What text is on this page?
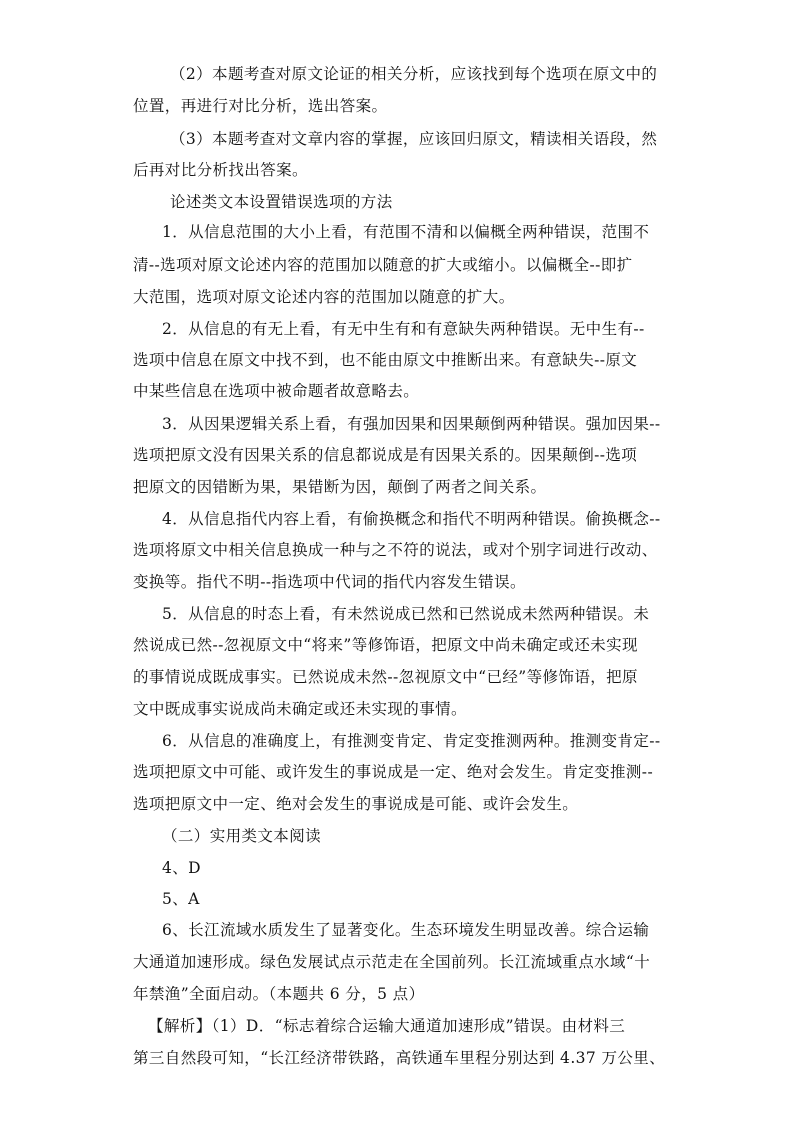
（2）本题考查对原文论证的相关分析，应该找到每个选项在原文中的
位置，再进行对比分析，选出答案。
（3）本题考查对文章内容的掌握，应该回归原文，精读相关语段，然
后再对比分析找出答案。
论述类文本设置错误选项的方法
1．从信息范围的大小上看，有范围不清和以偏概全两种错误，范围不
清--选项对原文论述内容的范围加以随意的扩大或缩小。以偏概全--即扩
大范围，选项对原文论述内容的范围加以随意的扩大。
2．从信息的有无上看，有无中生有和有意缺失两种错误。无中生有--
选项中信息在原文中找不到，也不能由原文中推断出来。有意缺失--原文
中某些信息在选项中被命题者故意略去。
3．从因果逻辑关系上看，有强加因果和因果颠倒两种错误。强加因果--
选项把原文没有因果关系的信息都说成是有因果关系的。因果颠倒--选项
把原文的因错断为果，果错断为因，颠倒了两者之间关系。
4．从信息指代内容上看，有偷换概念和指代不明两种错误。偷换概念--
选项将原文中相关信息换成一种与之不符的说法，或对个别字词进行改动、
变换等。指代不明--指选项中代词的指代内容发生错误。
5．从信息的时态上看，有未然说成已然和已然说成未然两种错误。未
然说成已然--忽视原文中“将来”等修饰语，把原文中尚未确定或还未实现
的事情说成既成事实。已然说成未然--忽视原文中“已经”等修饰语，把原
文中既成事实说成尚未确定或还未实现的事情。
6．从信息的准确度上，有推测变肯定、肯定变推测两种。推测变肯定--
选项把原文中可能、或许发生的事说成是一定、绝对会发生。肯定变推测--
选项把原文中一定、绝对会发生的事说成是可能、或许会发生。
（二）实用类文本阅读
4、D
5、A
6、长江流域水质发生了显著变化。生态环境发生明显改善。综合运输
大通道加速形成。绿色发展试点示范走在全国前列。长江流域重点水域“十
年禁渔”全面启动。（本题共 6 分，5 点）
【解析】（1）D．“标志着综合运输大通道加速形成”错误。由材料三
第三自然段可知，“长江经济带铁路，高铁通车里程分别达到 4.37 万公里、
